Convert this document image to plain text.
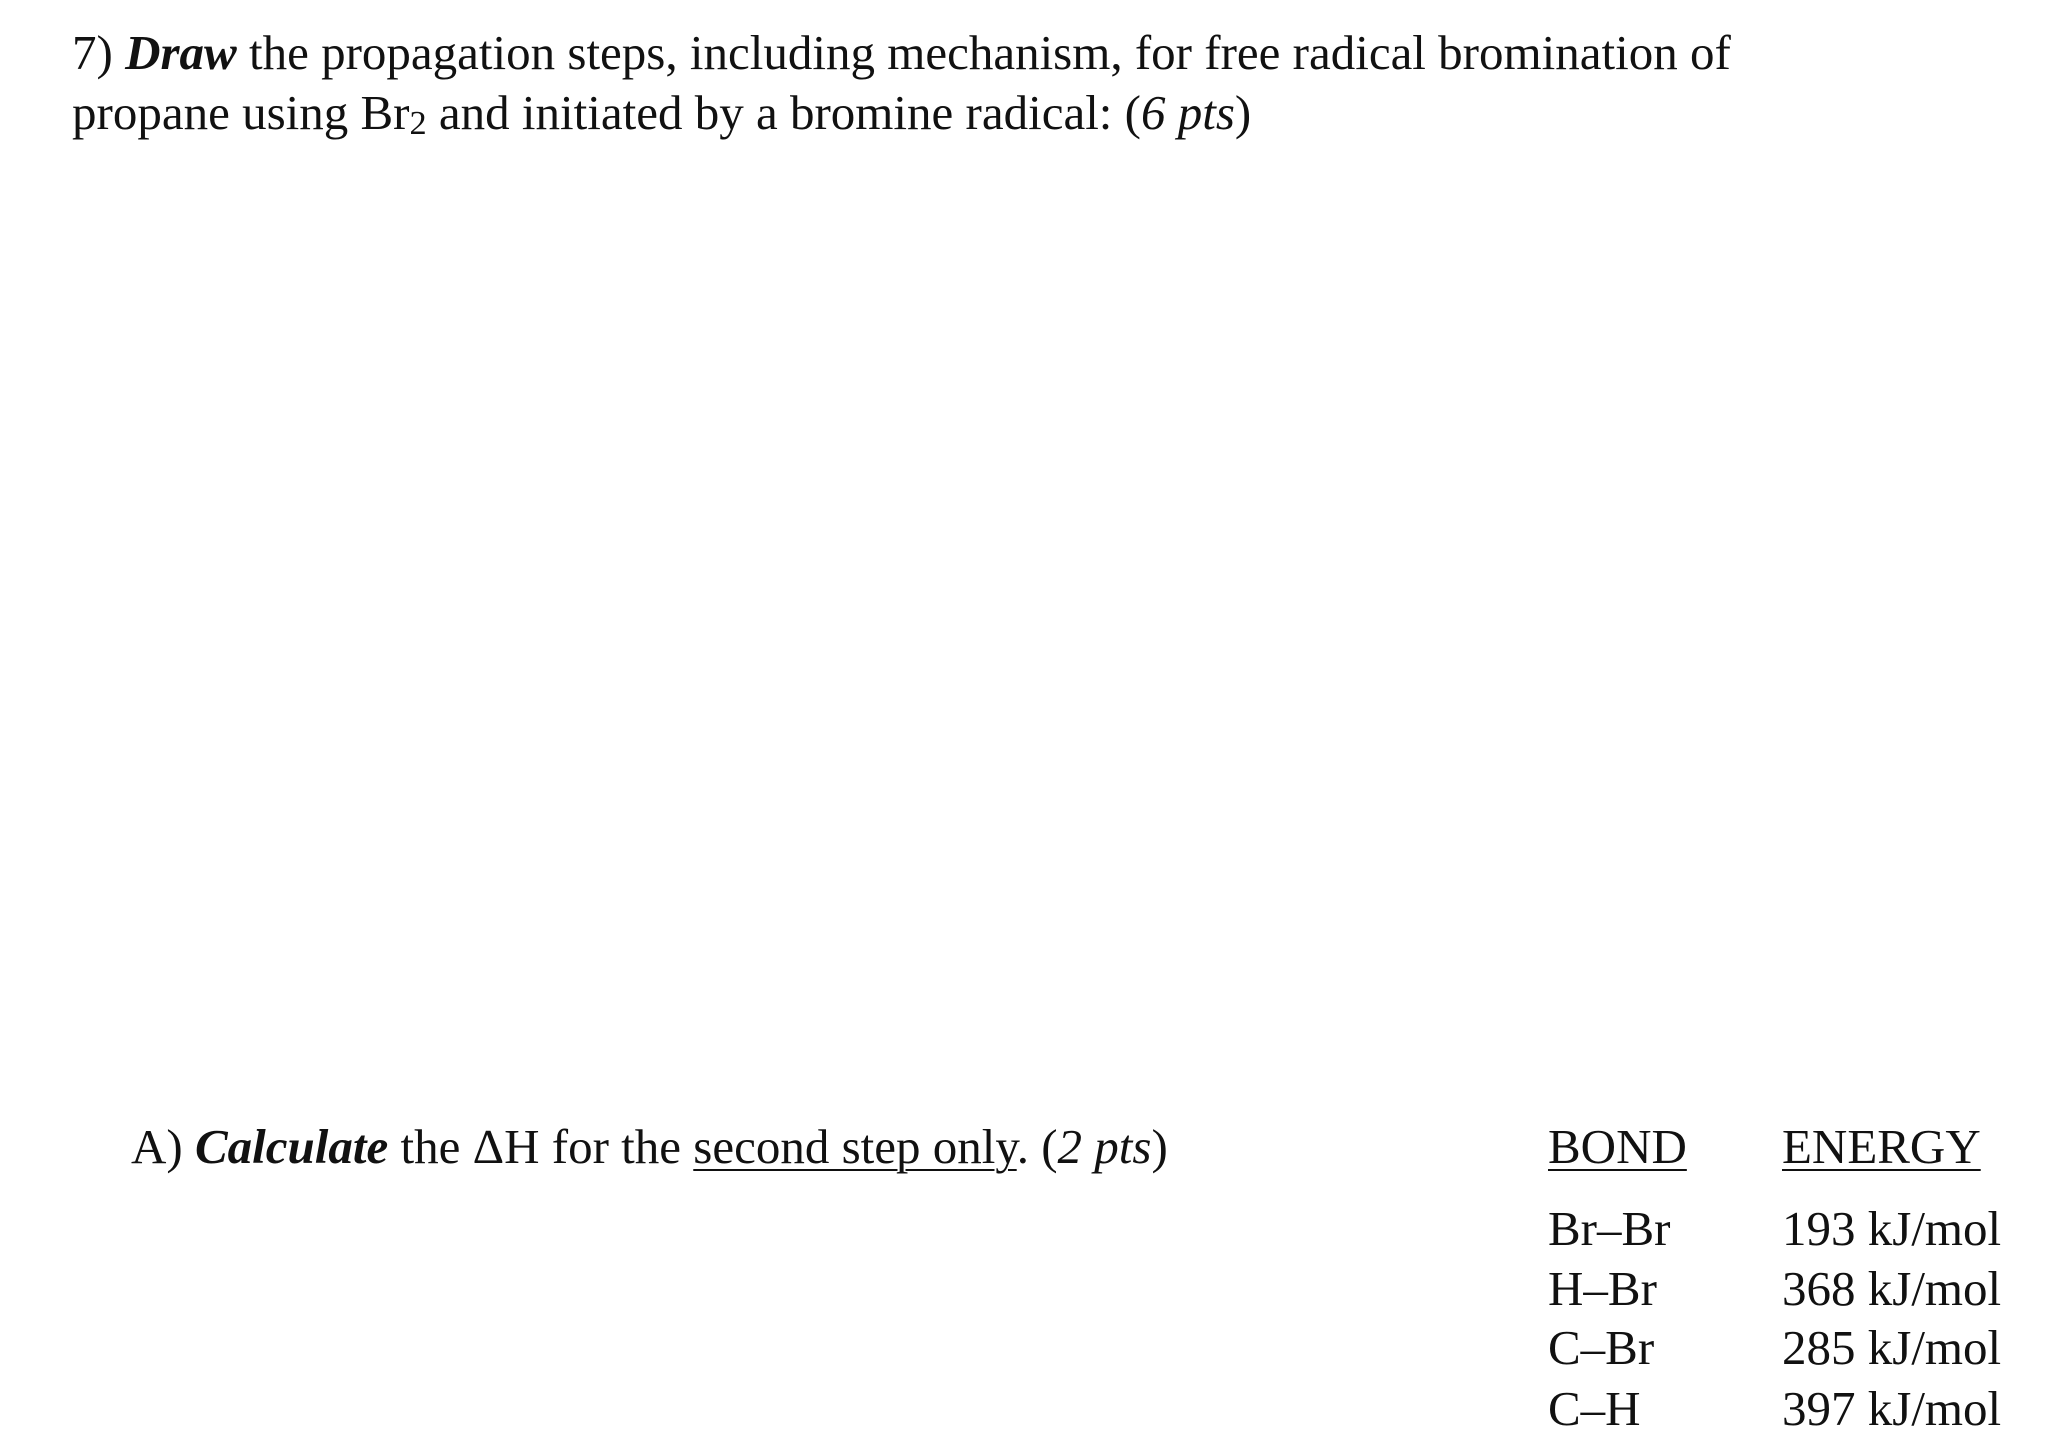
7) Draw the propagation steps, including mechanism, for free radical bromination of
propane using $Br_2$ and initiated by a bromine radical: (6 pts)
A) Calculate the ΔH for the second step only. (2 pts)	BOND ENERGY
Br–Br 193 kJ/mol
H–Br	368 kJ/mol
C–Br	285 kJ/mol
C–H	397 kJ/mol
